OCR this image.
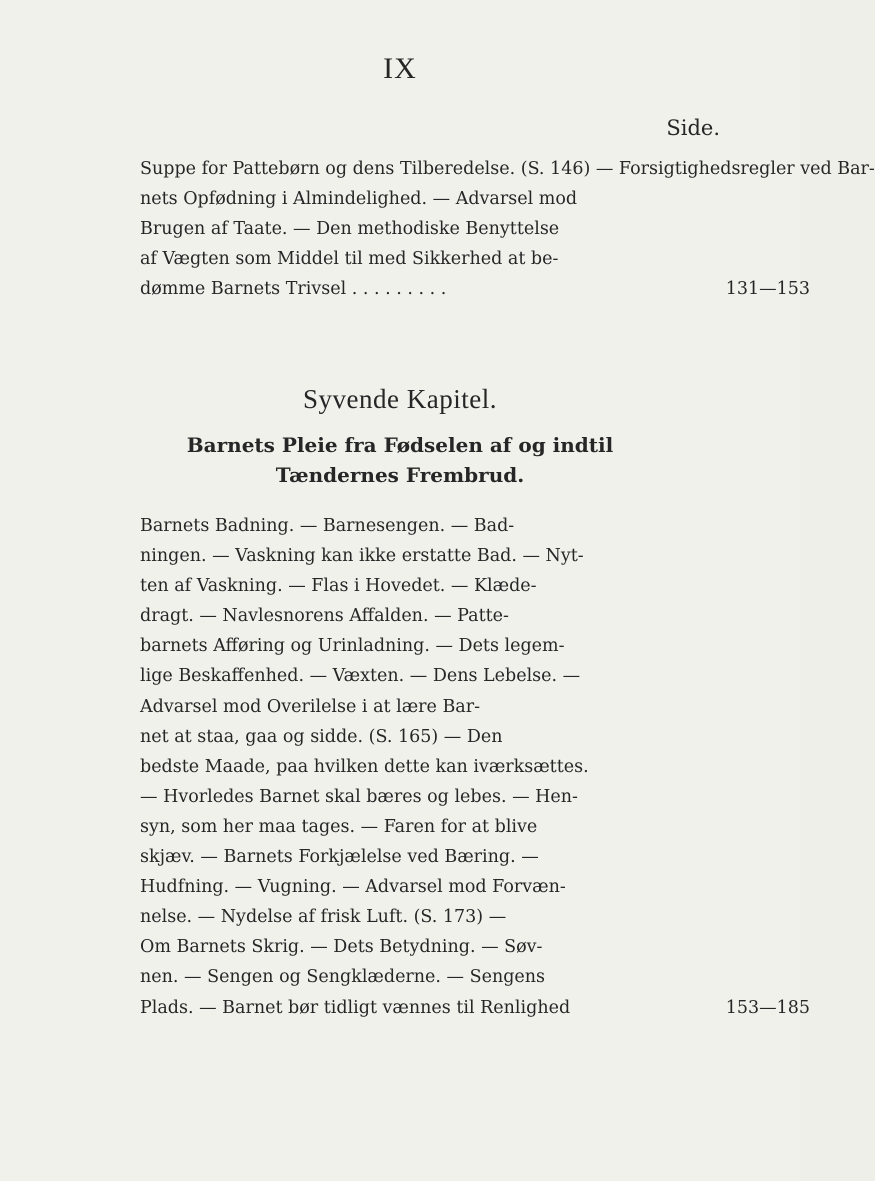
IX
Side.
Suppe for Pattebørn og dens Tilberedelse. (S. 146) — Forsigtighedsregler ved Bar-
nets Opfødning i Almindelighed. — Advarsel mod
Brugen af Taate. — Den methodiske Benyttelse
af Vægten som Middel til med Sikkerhed at be-
dømme Barnets Trivsel . . . . . . . . .	131—153
Syvende Kapitel.
Barnets Pleie fra Fødselen af og indtil
Tændernes Frembrud.
Barnets Badning. — Barnesengen. — Bad-
ningen. — Vaskning kan ikke erstatte Bad. — Nyt-
ten af Vaskning. — Flas i Hovedet. — Klæde-
dragt. — Navlesnorens Affalden. — Patte-
barnets Afføring og Urinladning. — Dets legem-
lige Beskaffenhed. — Væxten. — Dens Lebelse. —
Advarsel mod Overilelse i at lære Bar-
net at staa, gaa og sidde. (S. 165) — Den
bedste Maade, paa hvilken dette kan iværksættes.
— Hvorledes Barnet skal bæres og lebes. — Hen-
syn, som her maa tages. — Faren for at blive
skjæv. — Barnets Forkjælelse ved Bæring. —
Hudfning. — Vugning. — Advarsel mod Forvæn-
nelse. — Nydelse af frisk Luft. (S. 173) —
Om Barnets Skrig. — Dets Betydning. — Søv-
nen. — Sengen og Sengklæderne. — Sengens
Plads. — Barnet bør tidligt vænnes til Renlighed	153—185
